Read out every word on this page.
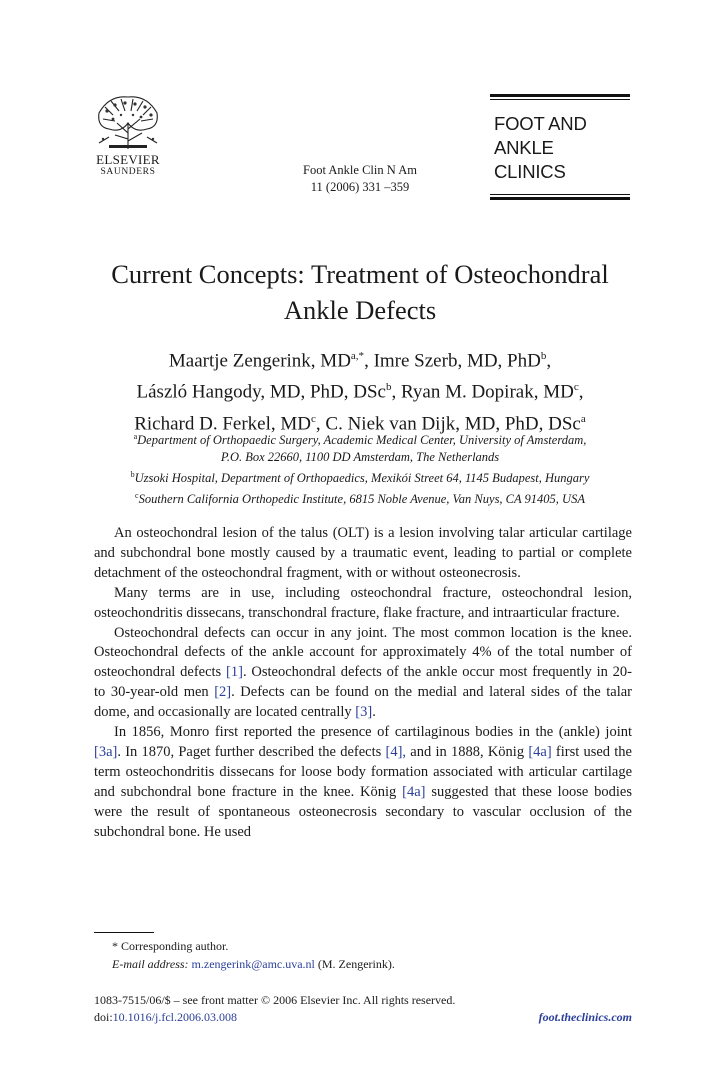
ELSEVIER
SAUNDERS	Foot Ankle Clin N Am
11 (2006) 331 –359
FOOT AND
ANKLE CLINICS
Current Concepts: Treatment of Osteochondral
Ankle Defects
Maartje Zengerink, $MD^{a,*}$, Imre Szerb, MD, PhD$^b$,
László Hangody, MD, PhD, DSc$^b$, Ryan M. Dopirak, $MD^c$,
Richard D. Ferkel, $MD^c$, C. Niek van Dijk, MD, PhD, DSc$^a$
$^a$Department of Orthopaedic Surgery, Academic Medical Center, University of Amsterdam,
P.O. Box 22660, 1100 DD Amsterdam, The Netherlands
$^b$Uzsoki Hospital, Department of Orthopaedics, Mexikói Street 64, 1145 Budapest, Hungary
$^c$Southern California Orthopedic Institute, 6815 Noble Avenue, Van Nuys, CA 91405, USA

An osteochondral lesion of the talus (OLT) is a lesion involving talar articular cartilage and subchondral bone mostly caused by a traumatic event, leading to partial or complete detachment of the osteochondral fragment, with or without osteonecrosis.

Many terms are in use, including osteochondral fracture, osteochondral lesion, osteochondritis dissecans, transchondral fracture, flake fracture, and intraarticular fracture.

Osteochondral defects can occur in any joint. The most common location is the knee. Osteochondral defects of the ankle account for approximately 4% of the total number of osteochondral defects [1]. Osteochondral defects of the ankle occur most frequently in 20- to 30-year-old men [2]. Defects can be found on the medial and lateral sides of the talar dome, and occasionally are located centrally [3].

In 1856, Monro first reported the presence of cartilaginous bodies in the (ankle) joint [3a]. In 1870, Paget further described the defects [4], and in 1888, König [4a] first used the term osteochondritis dissecans for loose body formation associated with articular cartilage and subchondral bone fracture in the knee. König [4a] suggested that these loose bodies were the result of spontaneous osteonecrosis secondary to vascular occlusion of the subchondral bone. He used

* Corresponding author.
E-mail address: m.zengerink@amc.uva.nl (M. Zengerink).
1083-7515/06/$ – see front matter © 2006 Elsevier Inc. All rights reserved.
doi:10.1016/j.fcl.2006.03.008	foot.theclinics.com
